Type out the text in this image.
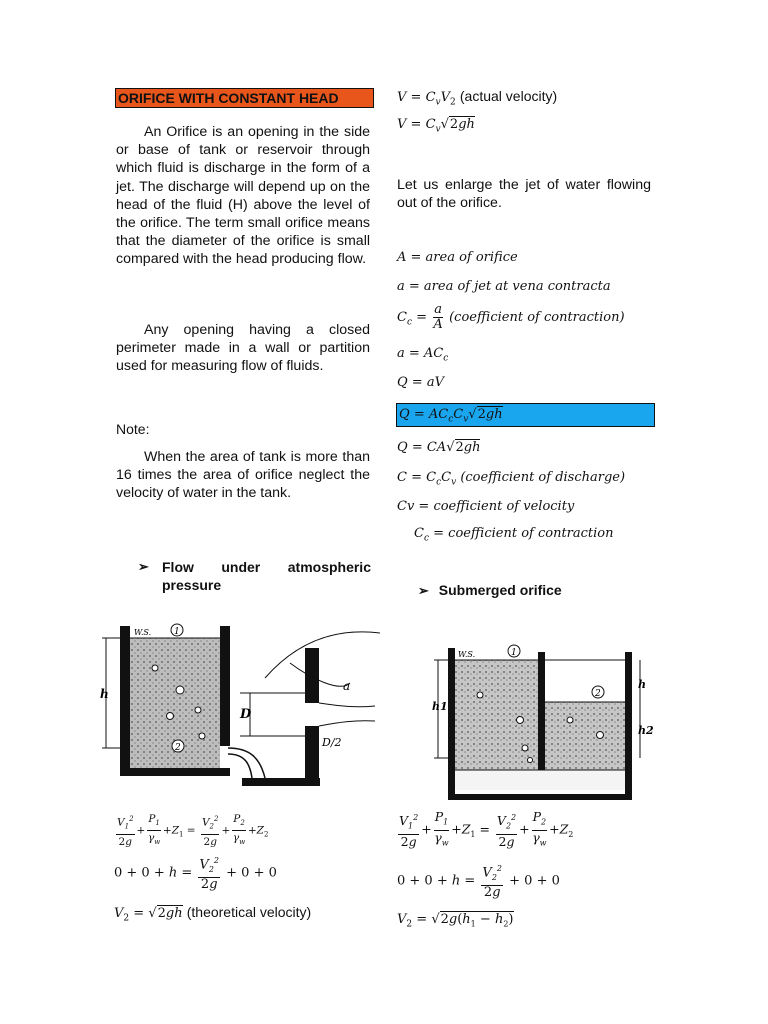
ORIFICE WITH CONSTANT HEAD

An Orifice is an opening in the side or base of tank or reservoir through which fluid is discharge in the form of a jet. The discharge will depend up on the head of the fluid (H) above the level of the orifice. The term small orifice means that the diameter of the orifice is small compared with the head producing flow.

Any opening having a closed perimeter made in a wall or partition used for measuring flow of fluids.

Note:

When the area of tank is more than 16 times the area of orifice neglect the velocity of water in the tank.

➢ Flow under atmospheric pressure
$V = C_vV_2$ (actual velocity)
$V = C_v√2gh$

Let us enlarge the jet of water flowing out of the orifice.

A = area of orifice
a = area of jet at vena contracta
$C_c = \frac{a}{A}$ (coefficient of contraction)
$a = AC_c$
Q = aV
$Q = AC_cC_v√2gh$
Q = CA√2gh
$C = C_cC_v$ (coefficient of discharge)
Cv = coefficient of velocity
$C_c$ = coefficient of contraction
➢ Submerged orifice
h
W.S.	1
2
D
a
D/2
W.S.	1
2
h1
h
h2
$\frac{V_1^2}{2g} + \frac{P_1}{\gamma_w} +Z_1 = \frac{V_2^2}{2g} + \frac{P_2}{\gamma_w} +Z_2$
$0 + 0 + h = \frac{V_2^2}{2g} + 0 + 0$
$V_2 = √2gh$ (theoretical velocity)
$\frac{V_1^2}{2g} + \frac{P_1}{\gamma_w} +Z_1 = \frac{V_2^2}{2g} + \frac{P_2}{\gamma_w} +Z_2$
$0 + 0 + h = \frac{V_2^2}{2g} + 0 + 0$
$V_2 = √2g(h_1 - h_2)$
